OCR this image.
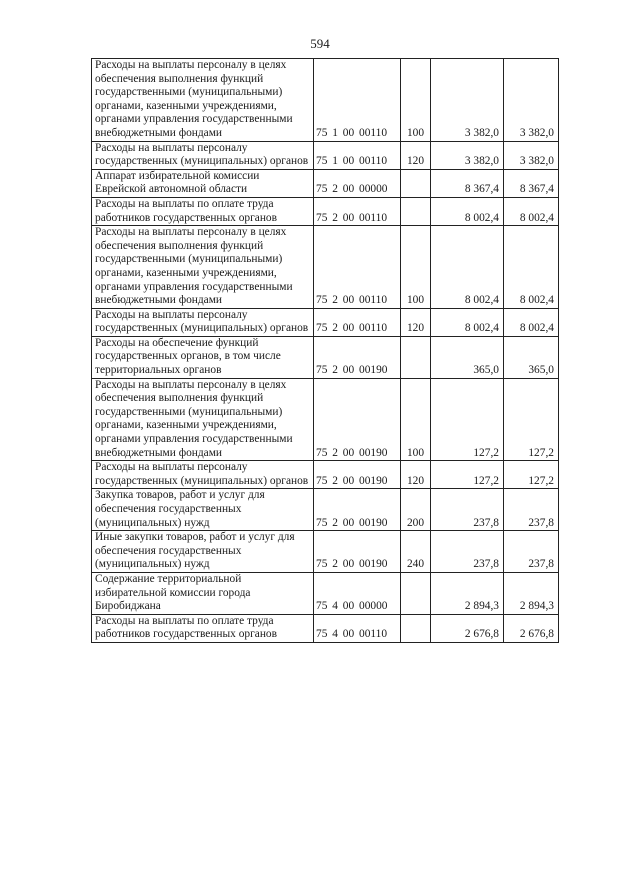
594
Расходы на выплаты персоналу в целях обеспечения выполнения функций государственными (муниципальными) органами, казенными учреждениями, органами управления государственными внебюджетными фондами	75 1 00 00110	100	3 382,0	3 382,0
Расходы на выплаты персоналу государственных (муниципальных) органов	75 1 00 00110	120	3 382,0	3 382,0
Аппарат избирательной комиссии Еврейской автономной области	75 2 00 00000		8 367,4	8 367,4
Расходы на выплаты по оплате труда работников государственных органов	75 2 00 00110		8 002,4	8 002,4
Расходы на выплаты персоналу в целях обеспечения выполнения функций государственными (муниципальными) органами, казенными учреждениями, органами управления государственными внебюджетными фондами	75 2 00 00110	100	8 002,4	8 002,4
Расходы на выплаты персоналу государственных (муниципальных) органов	75 2 00 00110	120	8 002,4	8 002,4
Расходы на обеспечение функций государственных органов, в том числе территориальных органов	75 2 00 00190		365,0	365,0
Расходы на выплаты персоналу в целях обеспечения выполнения функций государственными (муниципальными) органами, казенными учреждениями, органами управления государственными внебюджетными фондами	75 2 00 00190	100	127,2	127,2
Расходы на выплаты персоналу государственных (муниципальных) органов	75 2 00 00190	120	127,2	127,2
Закупка товаров, работ и услуг для обеспечения государственных (муниципальных) нужд	75 2 00 00190	200	237,8	237,8
Иные закупки товаров, работ и услуг для обеспечения государственных (муниципальных) нужд	75 2 00 00190	240	237,8	237,8
Содержание территориальной избирательной комиссии города Биробиджана	75 4 00 00000		2 894,3	2 894,3
Расходы на выплаты по оплате труда работников государственных органов	75 4 00 00110		2 676,8	2 676,8
